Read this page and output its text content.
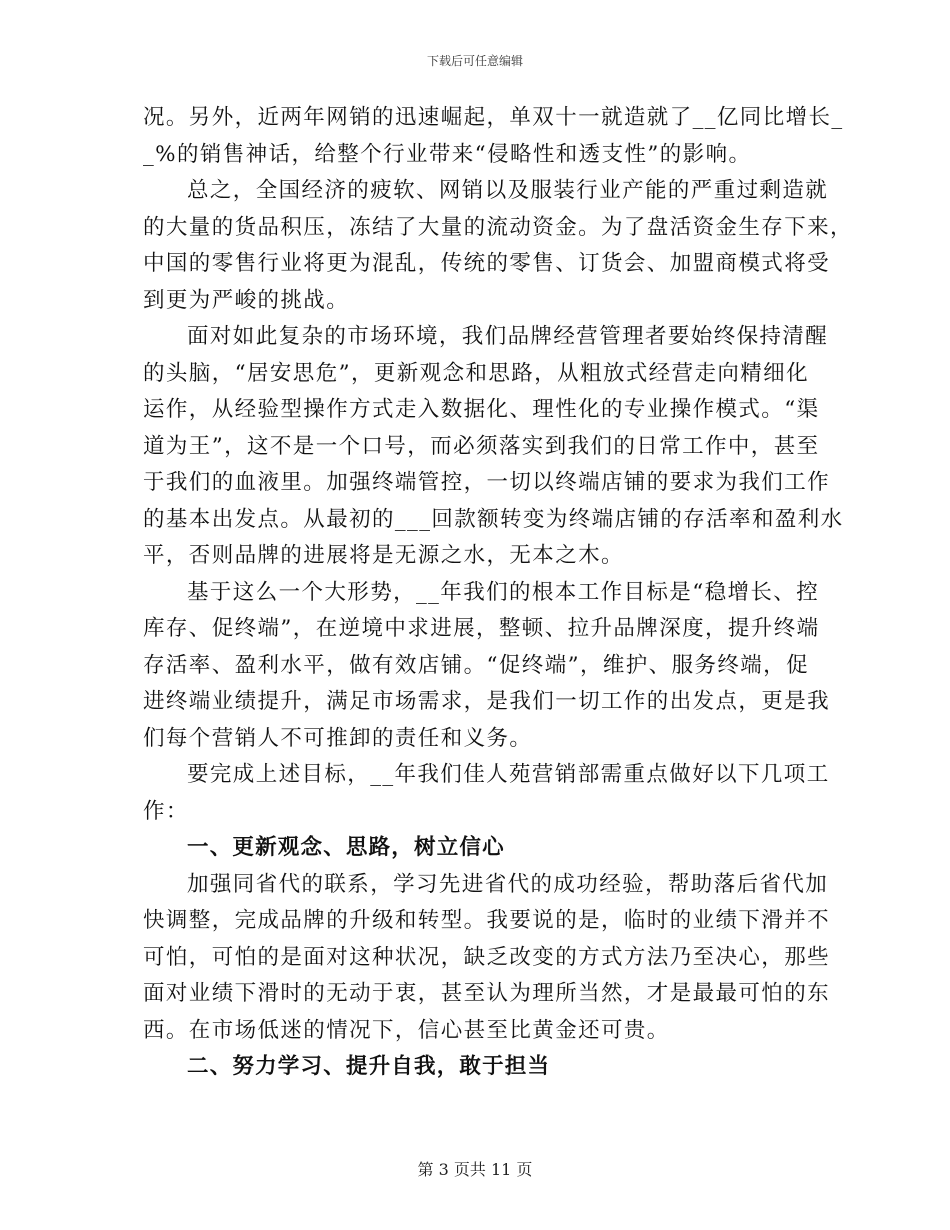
下载后可任意编辑
况。另外，近两年网销的迅速崛起，单双十一就造就了__亿同比增长_
_%的销售神话，给整个行业带来“侵略性和透支性”的影响。
总之，全国经济的疲软、网销以及服装行业产能的严重过剩造就
的大量的货品积压，冻结了大量的流动资金。为了盘活资金生存下来，
中国的零售行业将更为混乱，传统的零售、订货会、加盟商模式将受
到更为严峻的挑战。
面对如此复杂的市场环境，我们品牌经营管理者要始终保持清醒
的头脑，“居安思危”，更新观念和思路，从粗放式经营走向精细化
运作，从经验型操作方式走入数据化、理性化的专业操作模式。“渠
道为王”，这不是一个口号，而必须落实到我们的日常工作中，甚至
于我们的血液里。加强终端管控，一切以终端店铺的要求为我们工作
的基本出发点。从最初的___回款额转变为终端店铺的存活率和盈利水
平，否则品牌的进展将是无源之水，无本之木。
基于这么一个大形势，__年我们的根本工作目标是“稳增长、控
库存、促终端”，在逆境中求进展，整顿、拉升品牌深度，提升终端
存活率、盈利水平，做有效店铺。“促终端”，维护、服务终端，促
进终端业绩提升，满足市场需求，是我们一切工作的出发点，更是我
们每个营销人不可推卸的责任和义务。
要完成上述目标，__年我们佳人苑营销部需重点做好以下几项工
作：
一、更新观念、思路，树立信心
加强同省代的联系，学习先进省代的成功经验，帮助落后省代加
快调整，完成品牌的升级和转型。我要说的是，临时的业绩下滑并不
可怕，可怕的是面对这种状况，缺乏改变的方式方法乃至决心，那些
面对业绩下滑时的无动于衷，甚至认为理所当然，才是最最可怕的东
西。在市场低迷的情况下，信心甚至比黄金还可贵。
二、努力学习、提升自我，敢于担当
第 3 页共 11 页
